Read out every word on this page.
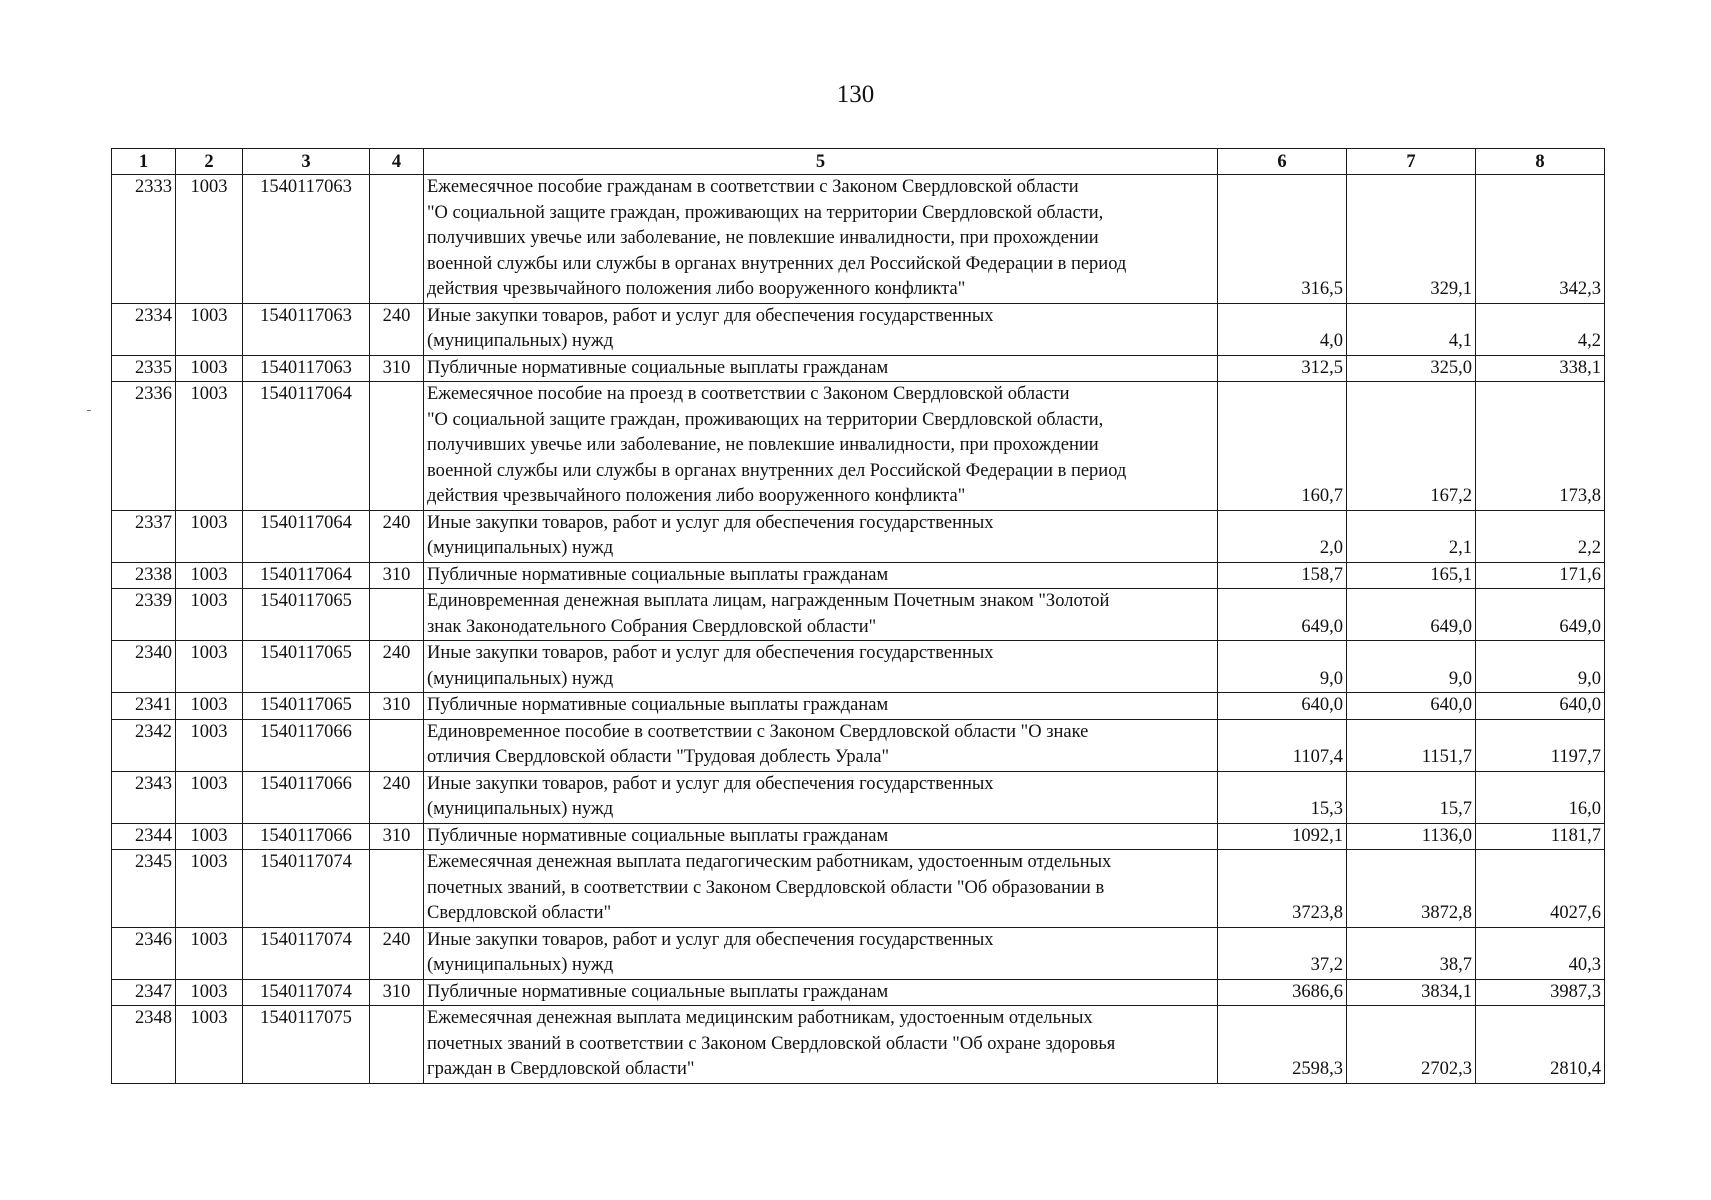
130
1	2	3	4	5	6	7	8
2333	1003	1540117063		Ежемесячное пособие гражданам в соответствии с Законом Свердловской области
"О социальной защите граждан, проживающих на территории Свердловской области,
получивших увечье или заболевание, не повлекшие инвалидности, при прохождении
военной службы или службы в органах внутренних дел Российской Федерации в период
действия чрезвычайного положения либо вооруженного конфликта"	316,5	329,1	342,3
2334	1003	1540117063	240	Иные закупки товаров, работ и услуг для обеспечения государственных
(муниципальных) нужд	4,0	4,1	4,2
2335	1003	1540117063	310	Публичные нормативные социальные выплаты гражданам	312,5	325,0	338,1
2336	1003	1540117064		Ежемесячное пособие на проезд в соответствии с Законом Свердловской области
"О социальной защите граждан, проживающих на территории Свердловской области,
получивших увечье или заболевание, не повлекшие инвалидности, при прохождении
военной службы или службы в органах внутренних дел Российской Федерации в период
действия чрезвычайного положения либо вооруженного конфликта"	160,7	167,2	173,8
2337	1003	1540117064	240	Иные закупки товаров, работ и услуг для обеспечения государственных
(муниципальных) нужд	2,0	2,1	2,2
2338	1003	1540117064	310	Публичные нормативные социальные выплаты гражданам	158,7	165,1	171,6
2339	1003	1540117065		Единовременная денежная выплата лицам, награжденным Почетным знаком "Золотой
знак Законодательного Собрания Свердловской области"	649,0	649,0	649,0
2340	1003	1540117065	240	Иные закупки товаров, работ и услуг для обеспечения государственных
(муниципальных) нужд	9,0	9,0	9,0
2341	1003	1540117065	310	Публичные нормативные социальные выплаты гражданам	640,0	640,0	640,0
2342	1003	1540117066		Единовременное пособие в соответствии с Законом Свердловской области "О знаке
отличия Свердловской области "Трудовая доблесть Урала"	1107,4	1151,7	1197,7
2343	1003	1540117066	240	Иные закупки товаров, работ и услуг для обеспечения государственных
(муниципальных) нужд	15,3	15,7	16,0
2344	1003	1540117066	310	Публичные нормативные социальные выплаты гражданам	1092,1	1136,0	1181,7
2345	1003	1540117074		Ежемесячная денежная выплата педагогическим работникам, удостоенным отдельных
почетных званий, в соответствии с Законом Свердловской области "Об образовании в
Свердловской области"	3723,8	3872,8	4027,6
2346	1003	1540117074	240	Иные закупки товаров, работ и услуг для обеспечения государственных
(муниципальных) нужд	37,2	38,7	40,3
2347	1003	1540117074	310	Публичные нормативные социальные выплаты гражданам	3686,6	3834,1	3987,3
2348	1003	1540117075		Ежемесячная денежная выплата медицинским работникам, удостоенным отдельных
почетных званий в соответствии с Законом Свердловской области "Об охране здоровья
граждан в Свердловской области"	2598,3	2702,3	2810,4
